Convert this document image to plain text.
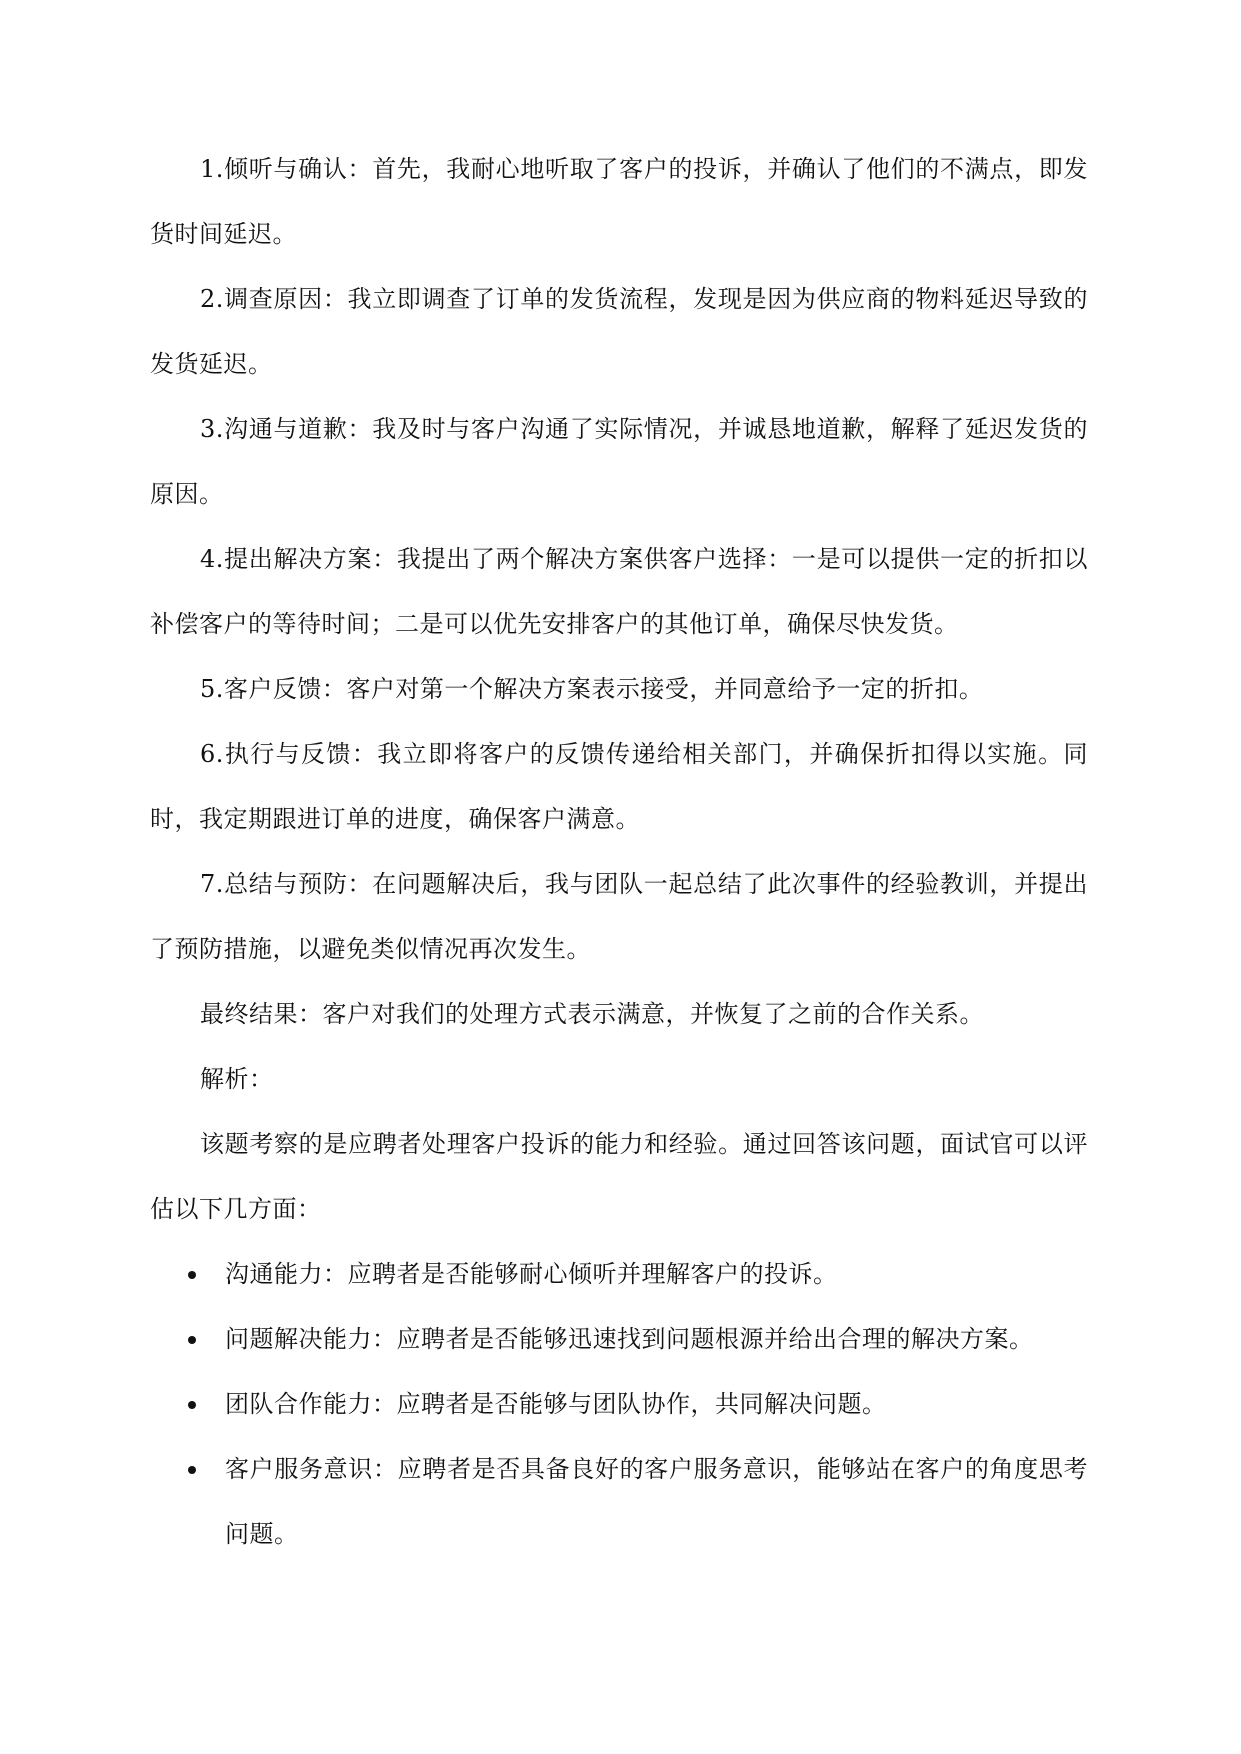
1.倾听与确认：首先，我耐心地听取了客户的投诉，并确认了他们的不满点，即发货时间延迟。

2.调查原因：我立即调查了订单的发货流程，发现是因为供应商的物料延迟导致的发货延迟。

3.沟通与道歉：我及时与客户沟通了实际情况，并诚恳地道歉，解释了延迟发货的原因。

4.提出解决方案：我提出了两个解决方案供客户选择：一是可以提供一定的折扣以补偿客户的等待时间；二是可以优先安排客户的其他订单，确保尽快发货。

5.客户反馈：客户对第一个解决方案表示接受，并同意给予一定的折扣。

6.执行与反馈：我立即将客户的反馈传递给相关部门，并确保折扣得以实施。同时，我定期跟进订单的进度，确保客户满意。

7.总结与预防：在问题解决后，我与团队一起总结了此次事件的经验教训，并提出了预防措施，以避免类似情况再次发生。

最终结果：客户对我们的处理方式表示满意，并恢复了之前的合作关系。

解析：

该题考察的是应聘者处理客户投诉的能力和经验。通过回答该问题，面试官可以评估以下几方面：

沟通能力：应聘者是否能够耐心倾听并理解客户的投诉。
问题解决能力：应聘者是否能够迅速找到问题根源并给出合理的解决方案。
团队合作能力：应聘者是否能够与团队协作，共同解决问题。
客户服务意识：应聘者是否具备良好的客户服务意识，能够站在客户的角度思考问题。
